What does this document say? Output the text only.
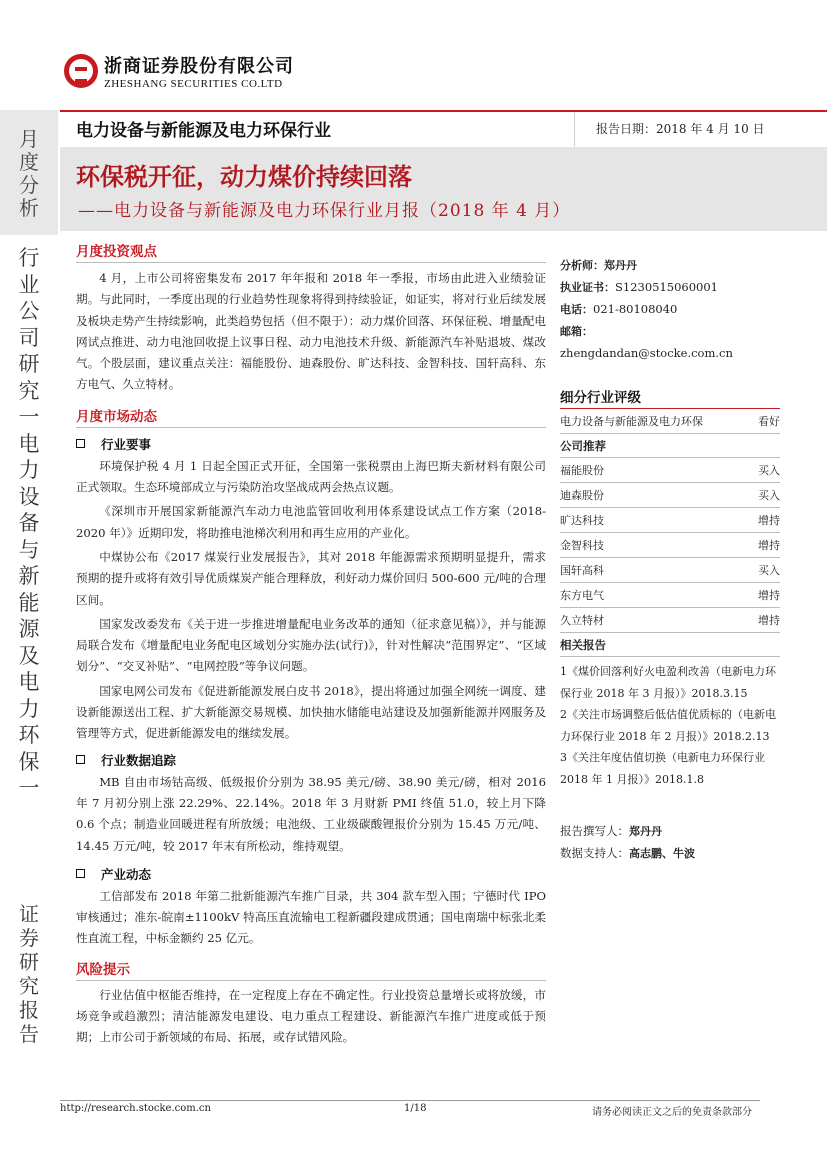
浙商证券股份有限公司
ZHESHANG SECURITIES CO.LTD
月度分析
行业公司研究一电力设备与新能源及电力环保一
证券研究报告
电力设备与新能源及电力环保行业	报告日期：2018 年 4 月 10 日
环保税开征，动力煤价持续回落
——电力设备与新能源及电力环保行业月报（2018 年 4 月）
月度投资观点

4 月，上市公司将密集发布 2017 年年报和 2018 年一季报，市场由此进入业绩验证期。与此同时，一季度出现的行业趋势性现象将得到持续验证，如证实，将对行业后续发展及板块走势产生持续影响，此类趋势包括（但不限于）：动力煤价回落、环保征税、增量配电网试点推进、动力电池回收提上议事日程、动力电池技术升级、新能源汽车补贴退坡、煤改气。个股层面，建议重点关注：福能股份、迪森股份、旷达科技、金智科技、国轩高科、东方电气、久立特材。

月度市场动态
行业要事

环境保护税 4 月 1 日起全国正式开征，全国第一张税票由上海巴斯夫新材料有限公司正式领取。生态环境部成立与污染防治攻坚战成两会热点议题。

《深圳市开展国家新能源汽车动力电池监管回收利用体系建设试点工作方案（2018-2020 年）》近期印发，将助推电池梯次利用和再生应用的产业化。

中煤协公布《2017 煤炭行业发展报告》，其对 2018 年能源需求预期明显提升，需求预期的提升或将有效引导优质煤炭产能合理释放，利好动力煤价回归 500-600 元/吨的合理区间。

国家发改委发布《关于进一步推进增量配电业务改革的通知（征求意见稿）》，并与能源局联合发布《增量配电业务配电区域划分实施办法(试行)》，针对性解决“范围界定”、“区域划分”、“交叉补贴”、“电网控股”等争议问题。

国家电网公司发布《促进新能源发展白皮书 2018》，提出将通过加强全网统一调度、建设新能源送出工程、扩大新能源交易规模、加快抽水储能电站建设及加强新能源并网服务及管理等方式，促进新能源发电的继续发展。

行业数据追踪

MB 自由市场钴高级、低级报价分别为 38.95 美元/磅、38.90 美元/磅，相对 2016 年 7 月初分别上涨 22.29%、22.14%。2018 年 3 月财新 PMI 终值 51.0，较上月下降 0.6 个点；制造业回暖进程有所放缓；电池级、工业级碳酸锂报价分别为 15.45 万元/吨、14.45 万元/吨，较 2017 年末有所松动，维持观望。

产业动态

工信部发布 2018 年第二批新能源汽车推广目录，共 304 款车型入围；宁德时代 IPO 审核通过；准东-皖南±1100kV 特高压直流输电工程新疆段建成贯通；国电南瑞中标张北柔性直流工程，中标金额约 25 亿元。

风险提示

行业估值中枢能否维持，在一定程度上存在不确定性。行业投资总量增长或将放缓，市场竞争或趋激烈；清洁能源发电建设、电力重点工程建设、新能源汽车推广进度或低于预期；上市公司于新领域的布局、拓展，或存试错风险。

分析师：郑丹丹
执业证书：S1230515060001
电话：021-80108040
邮箱：
zhengdandan@stocke.com.cn
细分行业评级
电力设备与新能源及电力环保	看好
公司推荐
福能股份	买入
迪森股份	买入
旷达科技	增持
金智科技	增持
国轩高科	买入
东方电气	增持
久立特材	增持
相关报告
1《煤价回落利好火电盈利改善（电新电力环保行业 2018 年 3 月报）》2018.3.15
2《关注市场调整后低估值优质标的（电新电力环保行业 2018 年 2 月报）》2018.2.13
3《关注年度估值切换（电新电力环保行业 2018 年 1 月报）》2018.1.8
报告撰写人：郑丹丹
数据支持人：高志鹏、牛波
http://research.stocke.com.cn	1/18	请务必阅读正文之后的免责条款部分
